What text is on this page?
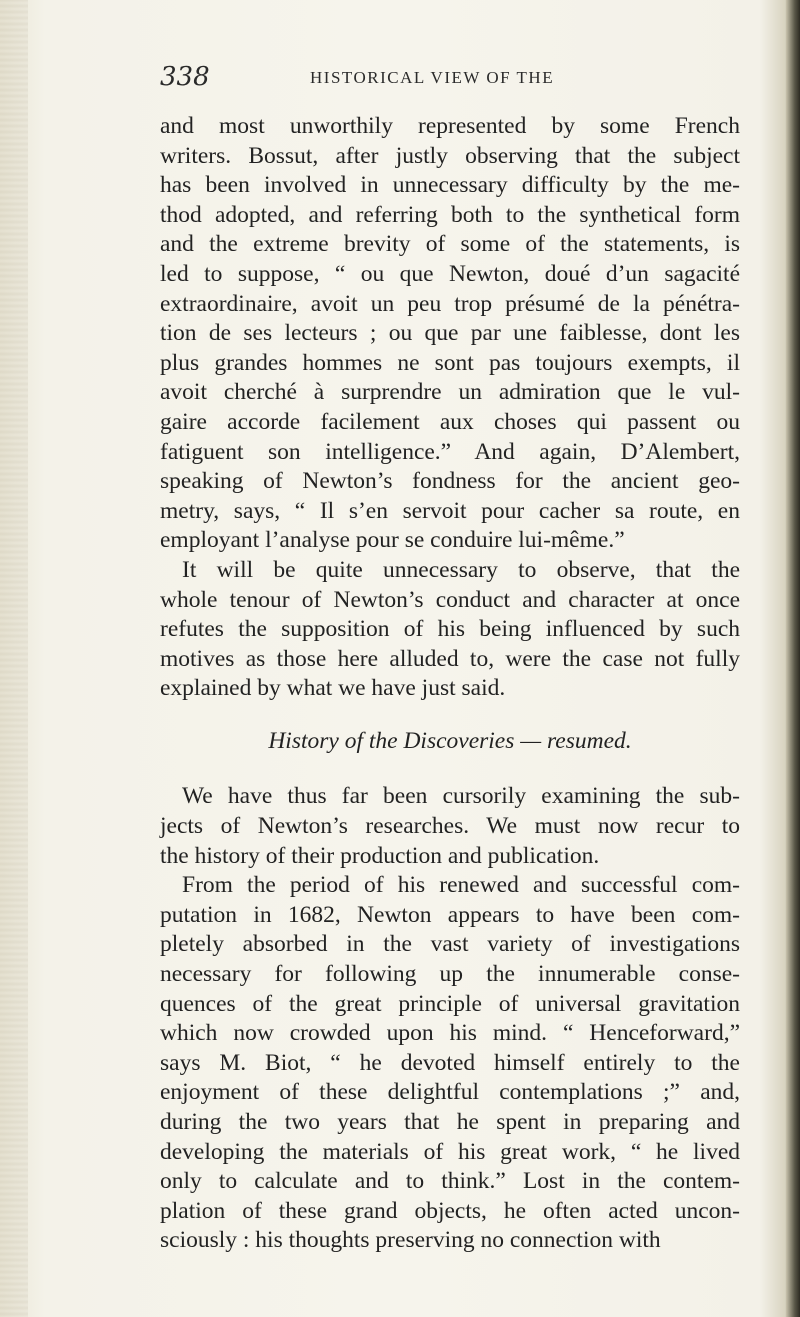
338	HISTORICAL VIEW OF THE
and most unworthily represented by some French
writers. Bossut, after justly observing that the subject
has been involved in unnecessary difficulty by the me-
thod adopted, and referring both to the synthetical form
and the extreme brevity of some of the statements, is
led to suppose, “ ou que Newton, doué d’un sagacité
extraordinaire, avoit un peu trop présumé de la pénétra-
tion de ses lecteurs ; ou que par une faiblesse, dont les
plus grandes hommes ne sont pas toujours exempts, il
avoit cherché à surprendre un admiration que le vul-
gaire accorde facilement aux choses qui passent ou
fatiguent son intelligence.” And again, D’Alembert,
speaking of Newton’s fondness for the ancient geo-
metry, says, “ Il s’en servoit pour cacher sa route, en
employant l’analyse pour se conduire lui-même.”
It will be quite unnecessary to observe, that the
whole tenour of Newton’s conduct and character at once
refutes the supposition of his being influenced by such
motives as those here alluded to, were the case not fully
explained by what we have just said.
History of the Discoveries — resumed.
We have thus far been cursorily examining the sub-
jects of Newton’s researches. We must now recur to
the history of their production and publication.
From the period of his renewed and successful com-
putation in 1682, Newton appears to have been com-
pletely absorbed in the vast variety of investigations
necessary for following up the innumerable conse-
quences of the great principle of universal gravitation
which now crowded upon his mind. “ Henceforward,”
says M. Biot, “ he devoted himself entirely to the
enjoyment of these delightful contemplations ;” and,
during the two years that he spent in preparing and
developing the materials of his great work, “ he lived
only to calculate and to think.” Lost in the contem-
plation of these grand objects, he often acted uncon-
sciously : his thoughts preserving no connection with
